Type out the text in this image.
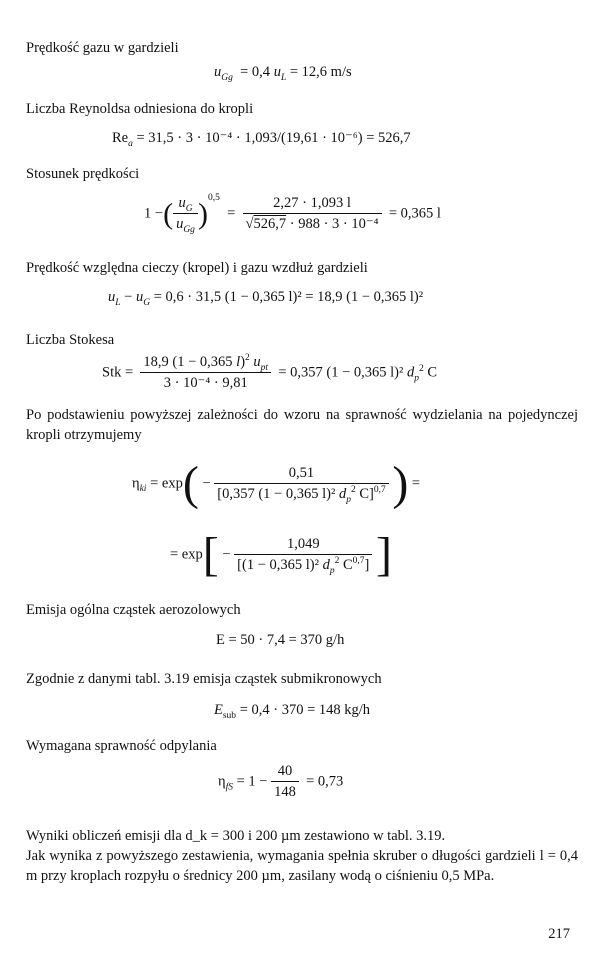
Prędkość gazu w gardzieli
$u_{Gg} = 0,4$ $u_L = 12,6$ m/s
Liczba Reynoldsa odniesiona do kropli
$Re_a = 31,5 \cdot 3 \cdot 10^{-4} \cdot 1,093/(19,61 \cdot 10^{-6}) = 526,7$
Stosunek prędkości
1 −( $\frac{u_G}{u_{Gg}} )^{0,5} = \frac{2,27 \cdot 1,093 l}{\text{√526,7 · 988 · 3 · 10⁻⁴}} = 0,365$ l
Prędkość względna cieczy (kropel) i gazu wzdłuż gardzieli
$u_L - u_G = 0,6 \cdot 31,5$ (1 − 0,365 l)² = 18,9 (1 − 0,365 l)²
Liczba Stokesa
Stk = $\frac{18,9 (1 - 0,365 l)^2 u_{pt}}{\text{3 · 10⁻⁴ · 9,81}} = 0,357$ (1 − 0,365 l)² $d_p^2$ C
Po podstawieniu powyższej zależności do wzoru na sprawność wydzielania na pojedynczej kropli otrzymujemy
$\eta_{ki} = \exp( - \frac{0,51}{[0,357 (1 - 0,365 l)^2 d_p^2 C]^{0,7}}$ ) =
= $\exp[ - \frac{1,049}{[(1 - 0,365 l)^2 d_p^2 C^{0,7}]}$ ]
Emisja ogólna cząstek aerozolowych
E = 50 · 7,4 = 370 g/h
Zgodnie z danymi tabl. 3.19 emisja cząstek submikronowych
$E_{sub} = 0,4 \cdot 370 = 148$ kg/h
Wymagana sprawność odpylania
$\eta_{fS} = 1 - \frac{40}{148} = 0,73$
Wyniki obliczeń emisji dla d_k = 300 i 200 µm zestawiono w tabl. 3.19.
Jak wynika z powyższego zestawienia, wymagania spełnia skruber o długości gardzieli l = 0,4 m przy kroplach rozpyłu o średnicy 200 µm, zasilany wodą o ciśnieniu 0,5 MPa.
217
